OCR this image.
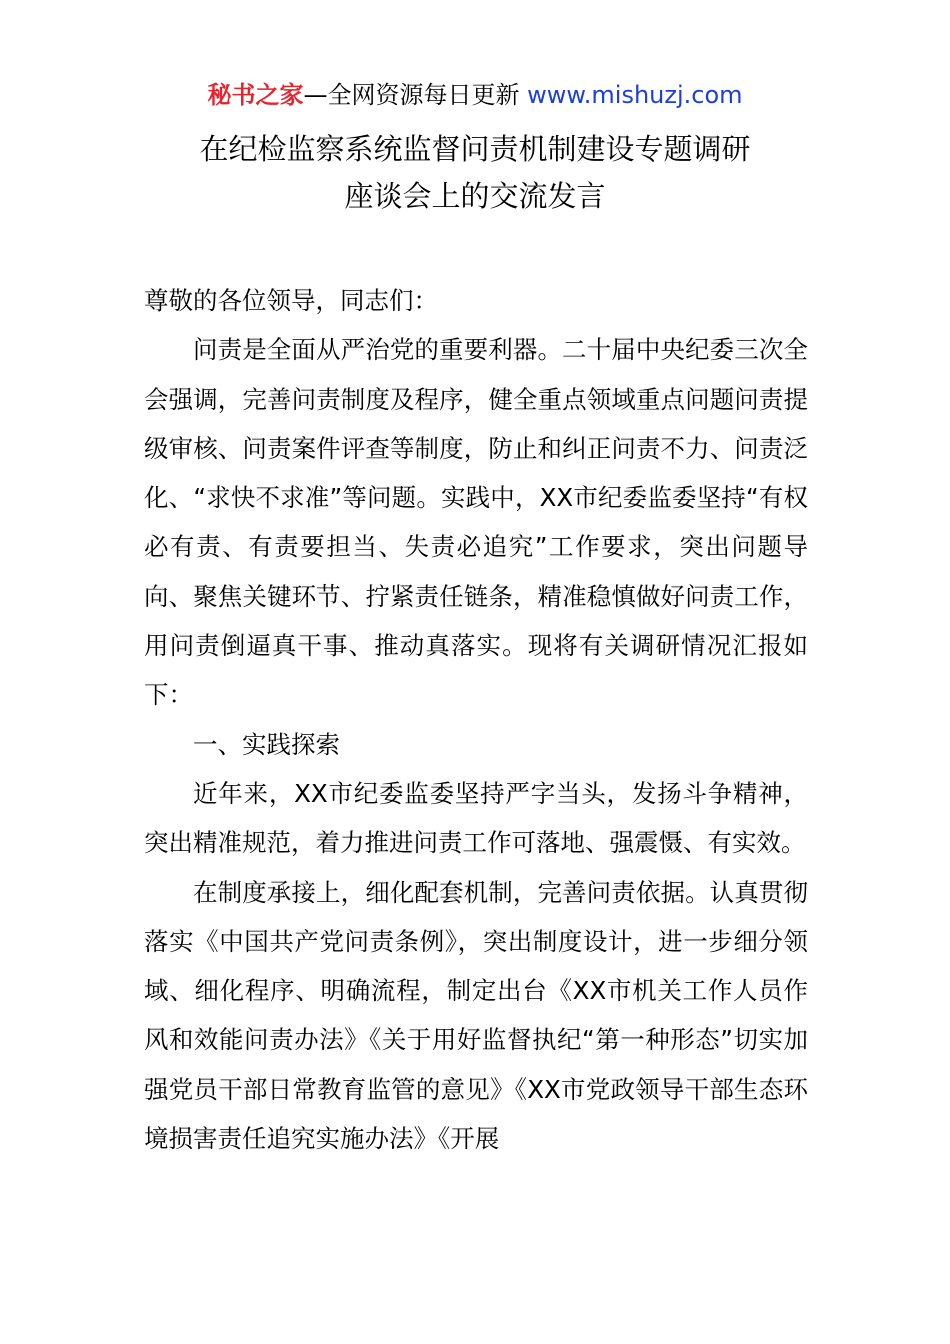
秘书之家—全网资源每日更新 www.mishuzj.com
在纪检监察系统监督问责机制建设专题调研
座谈会上的交流发言

尊敬的各位领导，同志们：

问责是全面从严治党的重要利器。二十届中央纪委三次全会强调，完善问责制度及程序，健全重点领域重点问题问责提级审核、问责案件评查等制度，防止和纠正问责不力、问责泛化、“求快不求准”等问题。实践中，XX市纪委监委坚持“有权必有责、有责要担当、失责必追究”工作要求，突出问题导向、聚焦关键环节、拧紧责任链条，精准稳慎做好问责工作，用问责倒逼真干事、推动真落实。现将有关调研情况汇报如下：

一、实践探索

近年来，XX市纪委监委坚持严字当头，发扬斗争精神，突出精准规范，着力推进问责工作可落地、强震慑、有实效。

在制度承接上，细化配套机制，完善问责依据。认真贯彻落实《中国共产党问责条例》，突出制度设计，进一步细分领域、细化程序、明确流程，制定出台《XX市机关工作人员作风和效能问责办法》《关于用好监督执纪“第一种形态”切实加强党员干部日常教育监管的意见》《XX市党政领导干部生态环境损害责任追究实施办法》《开展
